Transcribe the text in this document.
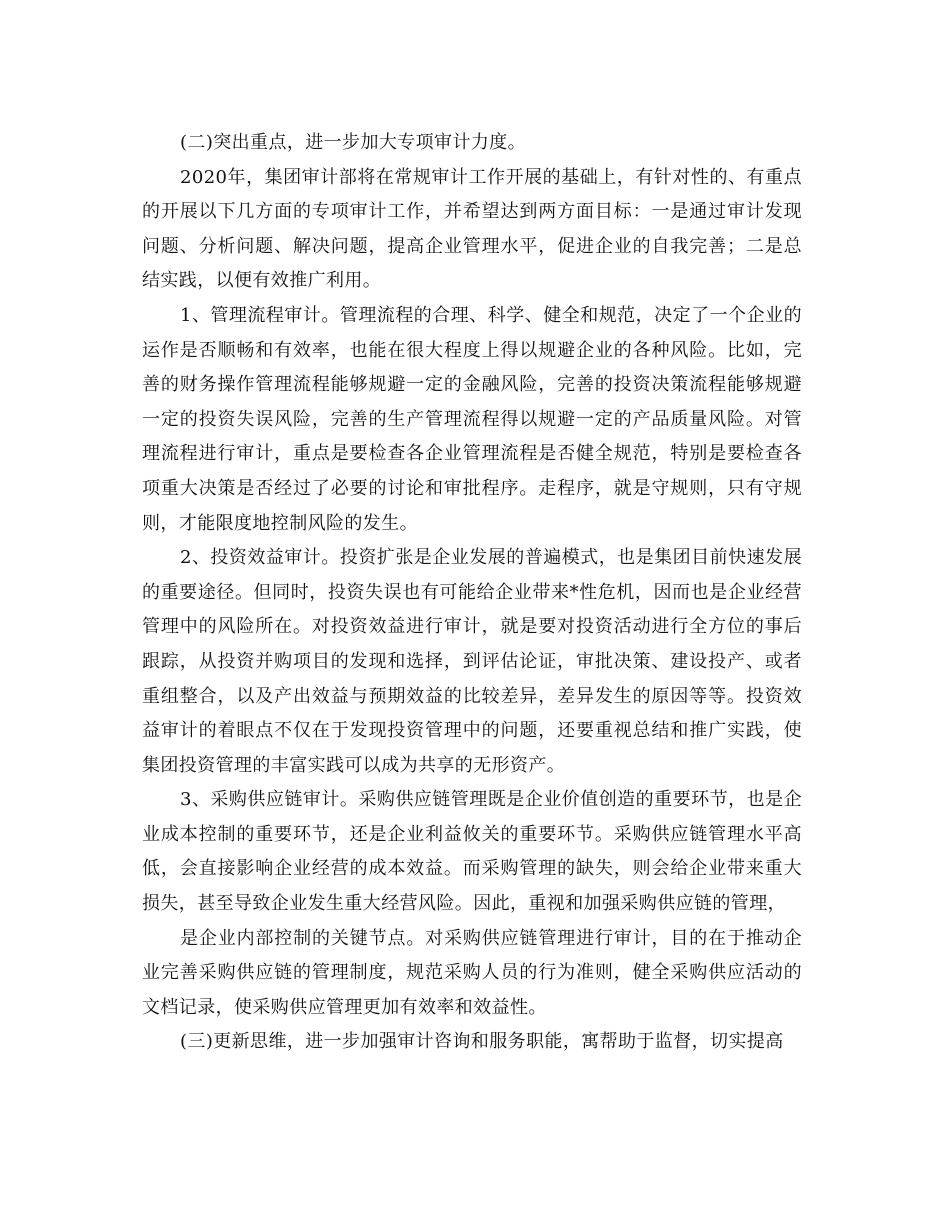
(二)突出重点，进一步加大专项审计力度。

2020年，集团审计部将在常规审计工作开展的基础上，有针对性的、有重点的开展以下几方面的专项审计工作，并希望达到两方面目标：一是通过审计发现问题、分析问题、解决问题，提高企业管理水平，促进企业的自我完善；二是总结实践，以便有效推广利用。

1、管理流程审计。管理流程的合理、科学、健全和规范，决定了一个企业的运作是否顺畅和有效率，也能在很大程度上得以规避企业的各种风险。比如，完善的财务操作管理流程能够规避一定的金融风险，完善的投资决策流程能够规避一定的投资失误风险，完善的生产管理流程得以规避一定的产品质量风险。对管理流程进行审计，重点是要检查各企业管理流程是否健全规范，特别是要检查各项重大决策是否经过了必要的讨论和审批程序。走程序，就是守规则，只有守规则，才能限度地控制风险的发生。

2、投资效益审计。投资扩张是企业发展的普遍模式，也是集团目前快速发展的重要途径。但同时，投资失误也有可能给企业带来*性危机，因而也是企业经营管理中的风险所在。对投资效益进行审计，就是要对投资活动进行全方位的事后跟踪，从投资并购项目的发现和选择，到评估论证，审批决策、建设投产、或者重组整合，以及产出效益与预期效益的比较差异，差异发生的原因等等。投资效益审计的着眼点不仅在于发现投资管理中的问题，还要重视总结和推广实践，使集团投资管理的丰富实践可以成为共享的无形资产。

3、采购供应链审计。采购供应链管理既是企业价值创造的重要环节，也是企业成本控制的重要环节，还是企业利益攸关的重要环节。采购供应链管理水平高低，会直接影响企业经营的成本效益。而采购管理的缺失，则会给企业带来重大损失，甚至导致企业发生重大经营风险。因此，重视和加强采购供应链的管理，

是企业内部控制的关键节点。对采购供应链管理进行审计，目的在于推动企业完善采购供应链的管理制度，规范采购人员的行为准则，健全采购供应活动的文档记录，使采购供应管理更加有效率和效益性。

(三)更新思维，进一步加强审计咨询和服务职能，寓帮助于监督，切实提高
